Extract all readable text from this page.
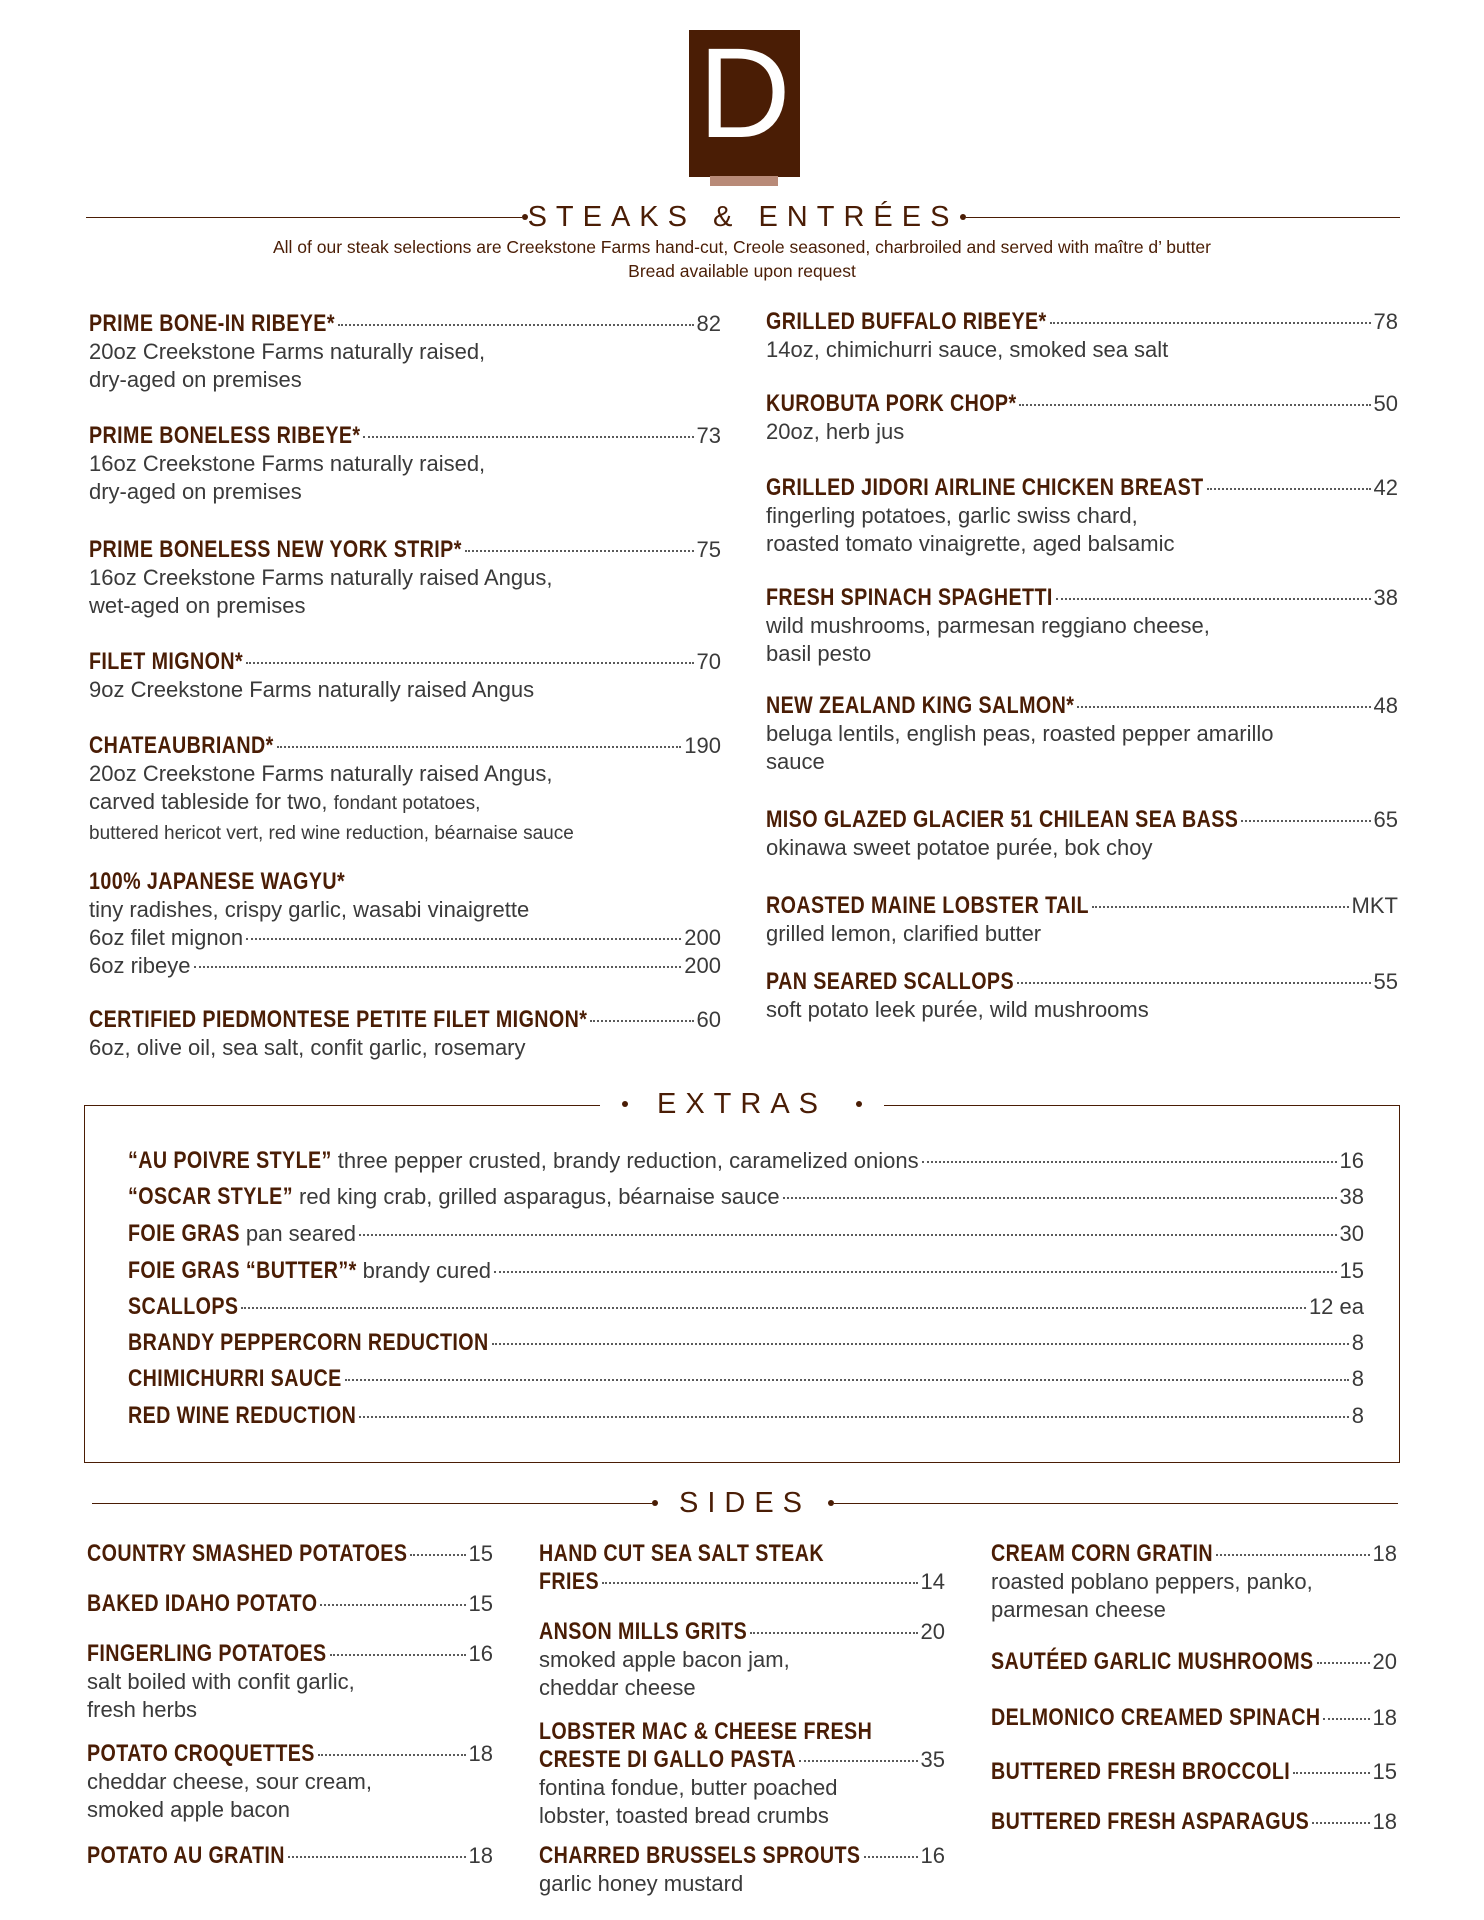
D
STEAKS & ENTRÉES
All of our steak selections are Creekstone Farms hand-cut, Creole seasoned, charbroiled and served with maître d’ butter
Bread available upon request
PRIME BONE-IN RIBEYE*	82
20oz Creekstone Farms naturally raised,
dry-aged on premises
PRIME BONELESS RIBEYE*	73
16oz Creekstone Farms naturally raised,
dry-aged on premises
PRIME BONELESS NEW YORK STRIP*	75
16oz Creekstone Farms naturally raised Angus,
wet-aged on premises
FILET MIGNON*	70
9oz Creekstone Farms naturally raised Angus
CHATEAUBRIAND*	190
20oz Creekstone Farms naturally raised Angus,
carved tableside for two, fondant potatoes,
buttered hericot vert, red wine reduction, béarnaise sauce
100% JAPANESE WAGYU*
tiny radishes, crispy garlic, wasabi vinaigrette
6oz filet mignon	200
6oz ribeye	200
CERTIFIED PIEDMONTESE PETITE FILET MIGNON*	60
6oz, olive oil, sea salt, confit garlic, rosemary
GRILLED BUFFALO RIBEYE*	78
14oz, chimichurri sauce, smoked sea salt
KUROBUTA PORK CHOP*	50
20oz, herb jus
GRILLED JIDORI AIRLINE CHICKEN BREAST	42
fingerling potatoes, garlic swiss chard,
roasted tomato vinaigrette, aged balsamic
FRESH SPINACH SPAGHETTI	38
wild mushrooms, parmesan reggiano cheese,
basil pesto
NEW ZEALAND KING SALMON*	48
beluga lentils, english peas, roasted pepper amarillo
sauce
MISO GLAZED GLACIER 51 CHILEAN SEA BASS	65
okinawa sweet potatoe purée, bok choy
ROASTED MAINE LOBSTER TAIL	MKT
grilled lemon, clarified butter
PAN SEARED SCALLOPS	55
soft potato leek purée, wild mushrooms
EXTRAS
“AU POIVRE STYLE” three pepper crusted, brandy reduction, caramelized onions	16
“OSCAR STYLE” red king crab, grilled asparagus, béarnaise sauce	38
FOIE GRAS pan seared	30
FOIE GRAS “BUTTER”* brandy cured	15
SCALLOPS	12 ea
BRANDY PEPPERCORN REDUCTION	8
CHIMICHURRI SAUCE	8
RED WINE REDUCTION	8
SIDES
COUNTRY SMASHED POTATOES	15
BAKED IDAHO POTATO	15
FINGERLING POTATOES	16
salt boiled with confit garlic,
fresh herbs
POTATO CROQUETTES	18
cheddar cheese, sour cream,
smoked apple bacon
POTATO AU GRATIN	18
HAND CUT SEA SALT STEAK
FRIES	14
ANSON MILLS GRITS	20
smoked apple bacon jam,
cheddar cheese
LOBSTER MAC & CHEESE FRESH
CRESTE DI GALLO PASTA	35
fontina fondue, butter poached
lobster, toasted bread crumbs
CHARRED BRUSSELS SPROUTS	16
garlic honey mustard
CREAM CORN GRATIN	18
roasted poblano peppers, panko,
parmesan cheese
SAUTÉED GARLIC MUSHROOMS	20
DELMONICO CREAMED SPINACH 18
BUTTERED FRESH BROCCOLI	15
BUTTERED FRESH ASPARAGUS	18
